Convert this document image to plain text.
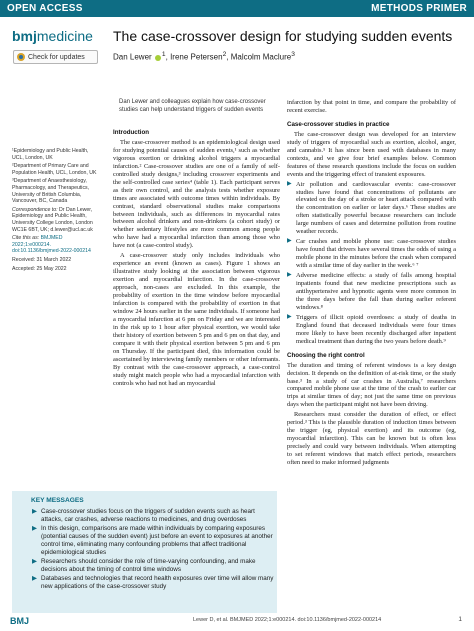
OPEN ACCESS	METHODS PRIMER
bmjmedicine
Check for updates
The case-crossover design for studying sudden events
Dan Lewer $^1$, Irene Petersen$^2$, Malcolm Maclure$^3$
Dan Lewer and colleagues explain how case-crossover studies can help understand triggers of sudden events

¹Epidemiology and Public Health, UCL, London, UK

²Department of Primary Care and Population Health, UCL, London, UK

³Department of Anaesthesiology, Pharmacology, and Therapeutics, University of British Columbia, Vancouver, BC, Canada

Correspondence to: Dr Dan Lewer, Epidemiology and Public Health, University College London, London WC1E 6BT, UK; d.lewer@ucl.ac.uk

Cite this as: BMJMED 2022;1:e000214. doi:10.1136/bmjmed-2022-000214

Received: 31 March 2022

Accepted: 25 May 2022

Introduction

The case-crossover method is an epidemiological design used for studying potential causes of sudden events,¹ such as whether vigorous exertion or drinking alcohol triggers a myocardial infarction.² Case-crossover studies are one of a family of self-controlled study designs,³ including crossover experiments and the self-controlled case series⁴ (table 1). Each participant serves as their own control, and the analysis tests whether exposure times are associated with outcome times within individuals. By contrast, standard observational studies make comparisons between individuals, such as differences in myocardial rates between alcohol drinkers and non-drinkers (a cohort study) or whether sedentary lifestyles are more common among people who have had a myocardial infarction than among those who have not (a case-control study).

A case-crossover study only includes individuals who experience an event (known as cases). Figure 1 shows an illustrative study looking at the association between vigorous exertion and myocardial infarction. In the case-crossover approach, non-cases are excluded. In this example, the probability of exertion in the time window before myocardial infarction is compared with the probability of exertion in that window 24 hours earlier in the same individuals. If someone had a myocardial infarction at 6 pm on Friday and we are interested in the risk up to 1 hour after physical exertion, we would take their history of exertion between 5 pm and 6 pm on that day, and compare it with their physical exertion between 5 pm and 6 pm on Thursday. If the participant died, this information could be ascertained by interviewing family members or other informants. By contrast with the case-crossover approach, a case-control study might match people who had a myocardial infarction with controls who had not had an myocardial

infarction by that point in time, and compare the probability of recent exercise.

Case-crossover studies in practice

The case-crossover design was developed for an interview study of triggers of myocardial such as exertion, alcohol, anger, and cannabis.⁵ It has since been used with databases in many contexts, and we give four brief examples below. Common features of these research questions include the focus on sudden events and the triggering effect of transient exposures.

▶ Air pollution and cardiovascular events: case-crossover studies have found that concentrations of pollutants are elevated on the day of a stroke or heart attack compared with the concentration on earlier or later days.⁶ These studies are often statistically powerful because researchers can include large numbers of cases and determine pollution from routine weather records.
▶ Car crashes and mobile phone use: case-crossover studies have found that drivers have several times the odds of using a mobile phone in the minutes before the crash when compared with a similar time of day earlier in the week.⁶ ⁷
▶ Adverse medicine effects: a study of falls among hospital inpatients found that new medicine prescriptions such as antihypertensive and hypnotic agents were more common in the three days before the fall than during earlier referent windows.⁸
▶ Triggers of illicit opioid overdoses: a study of deaths in England found that deceased individuals were four times more likely to have been recently discharged after inpatient medical treatment than during the two years before death.⁹
Choosing the right control

The duration and timing of referent windows is a key design decision. It depends on the definition of at-risk time, or the study base.³ In a study of car crashes in Australia,⁷ researchers compared mobile phone use at the time of the crash to earlier car trips at similar times of day; not just the same time on previous days when the participant might not have been driving.

Researchers must consider the duration of effect, or effect period.³ This is the plausible duration of induction times between the trigger (eg, physical exertion) and its outcome (eg, myocardial infarction). This can be known but is often less precisely and could vary between individuals. When attempting to set referent windows that match effect periods, researchers often need to make informed judgments

KEY MESSAGES
▶ Case-crossover studies focus on the triggers of sudden events such as heart attacks, car crashes, adverse reactions to medicines, and drug overdoses
▶ In this design, comparisons are made within individuals by comparing exposures (potential causes of the sudden event) just before an event to exposures at another control time, eliminating many confounding problems that affect traditional epidemiological studies
▶ Researchers should consider the role of time-varying confounding, and make decisions about the timing of control time windows
▶ Databases and technologies that record health exposures over time will allow many new applications of the case-crossover study
BMJ	Lewer D, et al. BMJMED 2022;1:e000214. doi:10.1136/bmjmed-2022-000214	1
